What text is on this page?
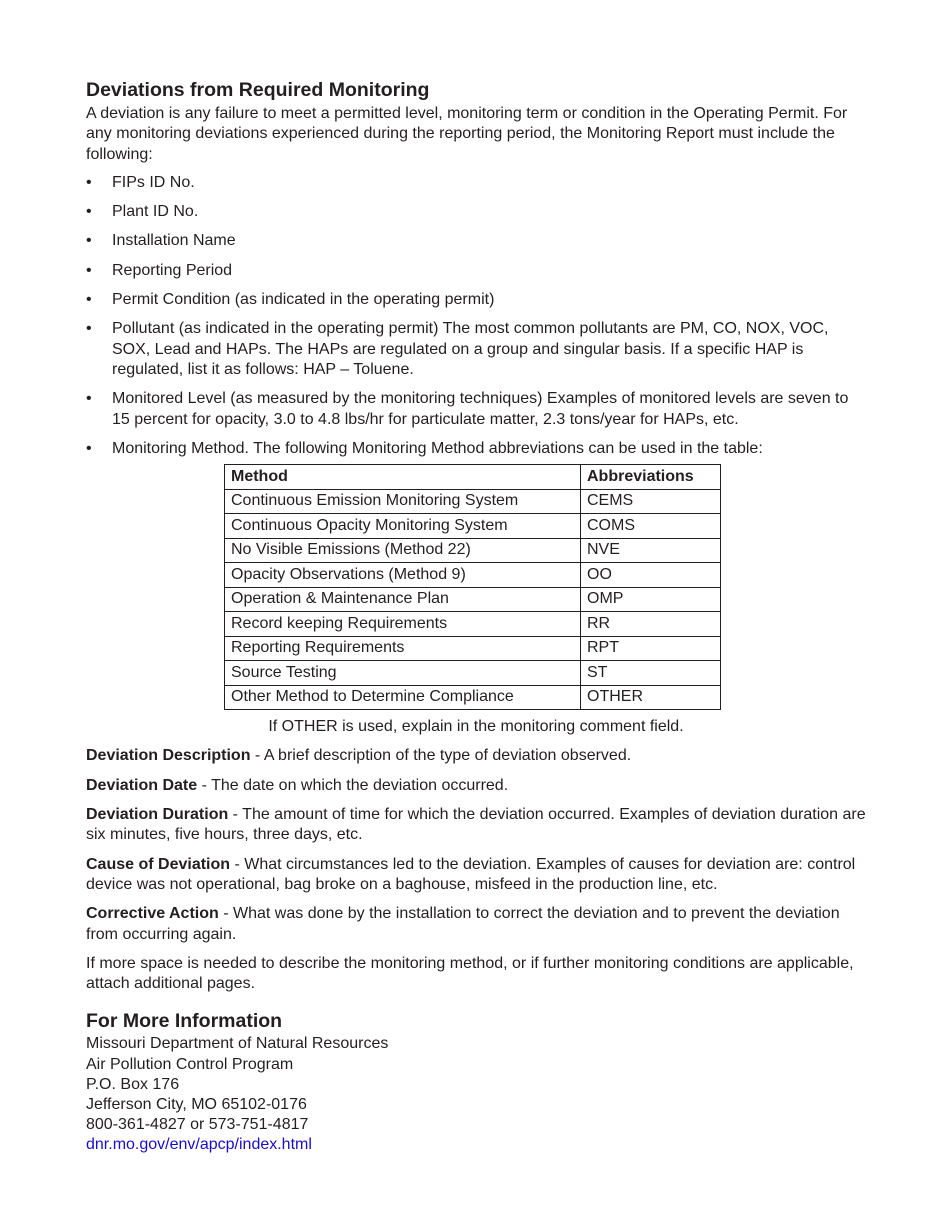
Deviations from Required Monitoring

A deviation is any failure to meet a permitted level, monitoring term or condition in the Operating Permit. For any monitoring deviations experienced during the reporting period, the Monitoring Report must include the following:

• FIPs ID No.
• Plant ID No.
• Installation Name
• Reporting Period
• Permit Condition (as indicated in the operating permit)
• Pollutant (as indicated in the operating permit) The most common pollutants are PM, CO, NOX, VOC, SOX, Lead and HAPs. The HAPs are regulated on a group and singular basis. If a specific HAP is regulated, list it as follows: HAP – Toluene.
• Monitored Level (as measured by the monitoring techniques) Examples of monitored levels are seven to 15 percent for opacity, 3.0 to 4.8 lbs/hr for particulate matter, 2.3 tons/year for HAPs, etc.
• Monitoring Method. The following Monitoring Method abbreviations can be used in the table:
Method	Abbreviations
Continuous Emission Monitoring System	CEMS
Continuous Opacity Monitoring System	COMS
No Visible Emissions (Method 22)	NVE
Opacity Observations (Method 9)	OO
Operation & Maintenance Plan	OMP
Record keeping Requirements	RR
Reporting Requirements	RPT
Source Testing	ST
Other Method to Determine Compliance	OTHER

If OTHER is used, explain in the monitoring comment field.

Deviation Description - A brief description of the type of deviation observed.

Deviation Date - The date on which the deviation occurred.

Deviation Duration - The amount of time for which the deviation occurred. Examples of deviation duration are six minutes, five hours, three days, etc.

Cause of Deviation - What circumstances led to the deviation. Examples of causes for deviation are: control device was not operational, bag broke on a baghouse, misfeed in the production line, etc.

Corrective Action - What was done by the installation to correct the deviation and to prevent the deviation from occurring again.

If more space is needed to describe the monitoring method, or if further monitoring conditions are applicable, attach additional pages.

For More Information

Missouri Department of Natural Resources

Air Pollution Control Program

P.O. Box 176

Jefferson City, MO 65102-0176

800-361-4827 or 573-751-4817

dnr.mo.gov/env/apcp/index.html
